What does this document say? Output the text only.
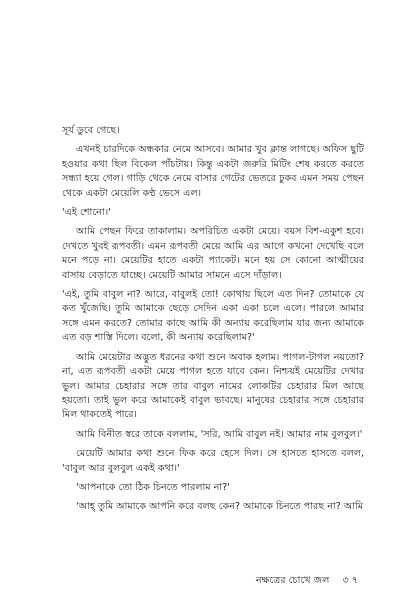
সূর্য ডুবে গেছে।

এখনই চারদিকে অন্ধকার নেমে আসবে। আমার খুব ক্লান্ত লাগছে। অফিস ছুটি হওয়ার কথা ছিল বিকেল পাঁচটায়। কিন্তু একটা জরুরি মিটিং শেষ করতে করতে সন্ধ্যা হয়ে গেল। গাড়ি থেকে নেমে বাসার গেটের ভেতরে ঢুকব এমন সময় পেছন থেকে একটা মেয়েলি কণ্ঠ ভেসে এল।

'এই শোনো।'

আমি পেছন ফিরে তাকালাম। অপরিচিত একটা মেয়ে। বয়স বিশ-একুশ হবে। দেখতে খুবই রূপবতী। এমন রূপবতী মেয়ে আমি এর আগে কখনো দেখেছি বলে মনে পড়ে না। মেয়েটির হাতে একটা প্যাকেট। মনে হয় সে কোনো আত্মীয়ের বাসায় বেড়াতে যাচ্ছে। মেয়েটি আমার সামনে এসে দাঁড়াল।

'এই, তুমি বাবুল না? আরে, বাবুলই তো! কোথায় ছিলে এত দিন? তোমাকে যে কত খুঁজেছি। তুমি আমাকে ছেড়ে সেদিন একা একা চলে এলে। পারলে আমার সঙ্গে এমন করতে? তোমার কাছে আমি কী অন্যায় করেছিলাম যার জন্য আমাকে এত বড় শাস্তি দিলে। বলো, কী অন্যায় করেছিলাম?'

আমি মেয়েটার অদ্ভুত ধরনের কথা শুনে অবাক হলাম। পাগল-টাগল নয়তো? না, এত রূপবতী একটা মেয়ে পাগল হতে যাবে কেন। নিশ্চয়ই মেয়েটির দেখার ভুল। আমার চেহারার সঙ্গে তার বাবুল নামের লোকটির চেহারার মিল আছে হয়তো। তাই ভুল করে আমাকেই বাবুল ভাবছে। মানুষের চেহারার সঙ্গে চেহারার মিল থাকতেই পারে।

আমি বিনীত স্বরে তাকে বললাম, 'সরি, আমি বাবুল নই। আমার নাম বুলবুল।'

মেয়েটি আমার কথা শুনে ফিক করে হেসে দিল। সে হাসতে হাসতে বলল, 'বাবুল আর বুলবুল একই কথা।'

'আপনাকে তো ঠিক চিনতে পারলাম না?'

'আহ্‌ তুমি আমাকে আপনি করে বলছ কেন? আমাকে চিনতে পারছ না? আমি

নক্ষত্রের চোখে জল ৩ ৭
